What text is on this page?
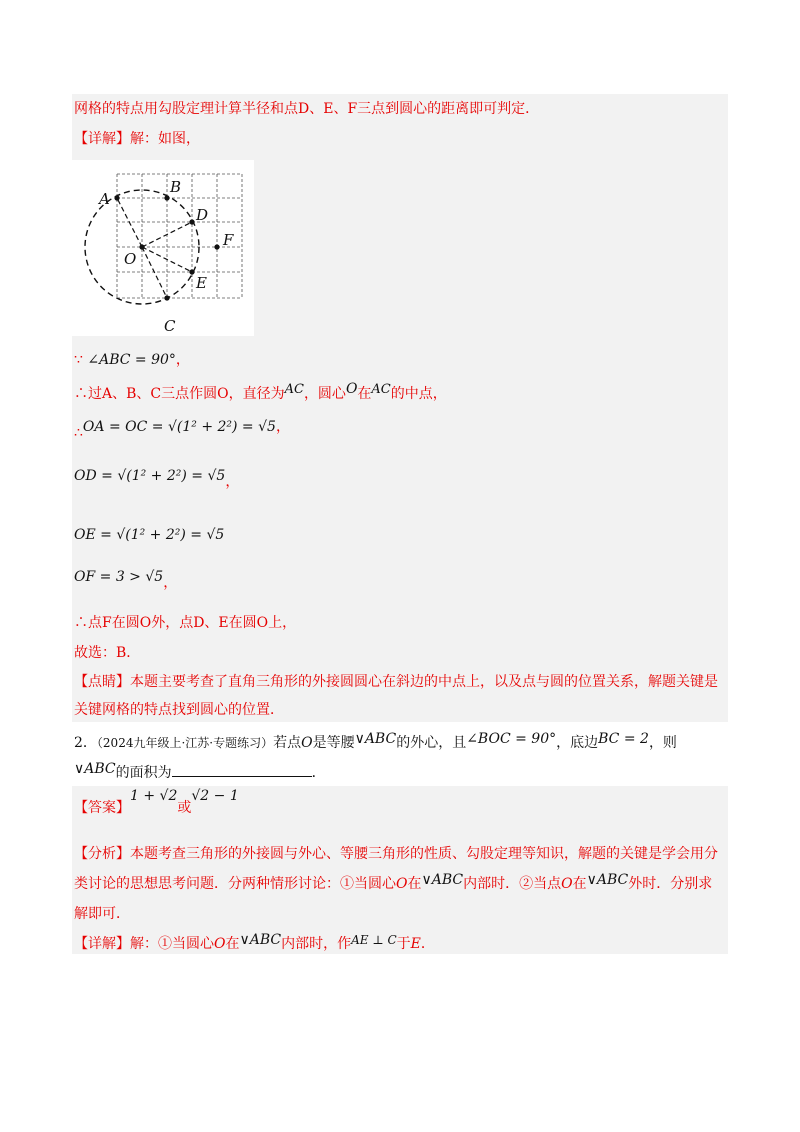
网格的特点用勾股定理计算半径和点D、E、F三点到圆心的距离即可判定．
【详解】解：如图，
A
B
C
D
E
F
O
∵ ∠ABC = 90°，
∴过A、B、C三点作圆O，直径为AC，圆心O在AC的中点，
∴OA = OC = √(1² + 2²) = √5，
OD = √(1² + 2²) = √5，
OE = √(1² + 2²) = √5
OF = 3 > √5，
∴点F在圆O外，点D、E在圆O上，
故选：B．
【点睛】本题主要考查了直角三角形的外接圆圆心在斜边的中点上，以及点与圆的位置关系，解题关键是
关键网格的特点找到圆心的位置．
2．（2024九年级上·江苏·专题练习）若点O是等腰∨ABC的外心，且∠BOC = 90°，底边BC = 2，则
∨ABC的面积为	．
【答案】1 + √2或√2 − 1
【分析】本题考查三角形的外接圆与外心、等腰三角形的性质、勾股定理等知识，解题的关键是学会用分
类讨论的思想思考问题．分两种情形讨论：①当圆心O在∨ABC内部时．②当点O在∨ABC外时．分别求
解即可．
【详解】解：①当圆心O在∨ABC内部时，作AE ⊥ C于E．
